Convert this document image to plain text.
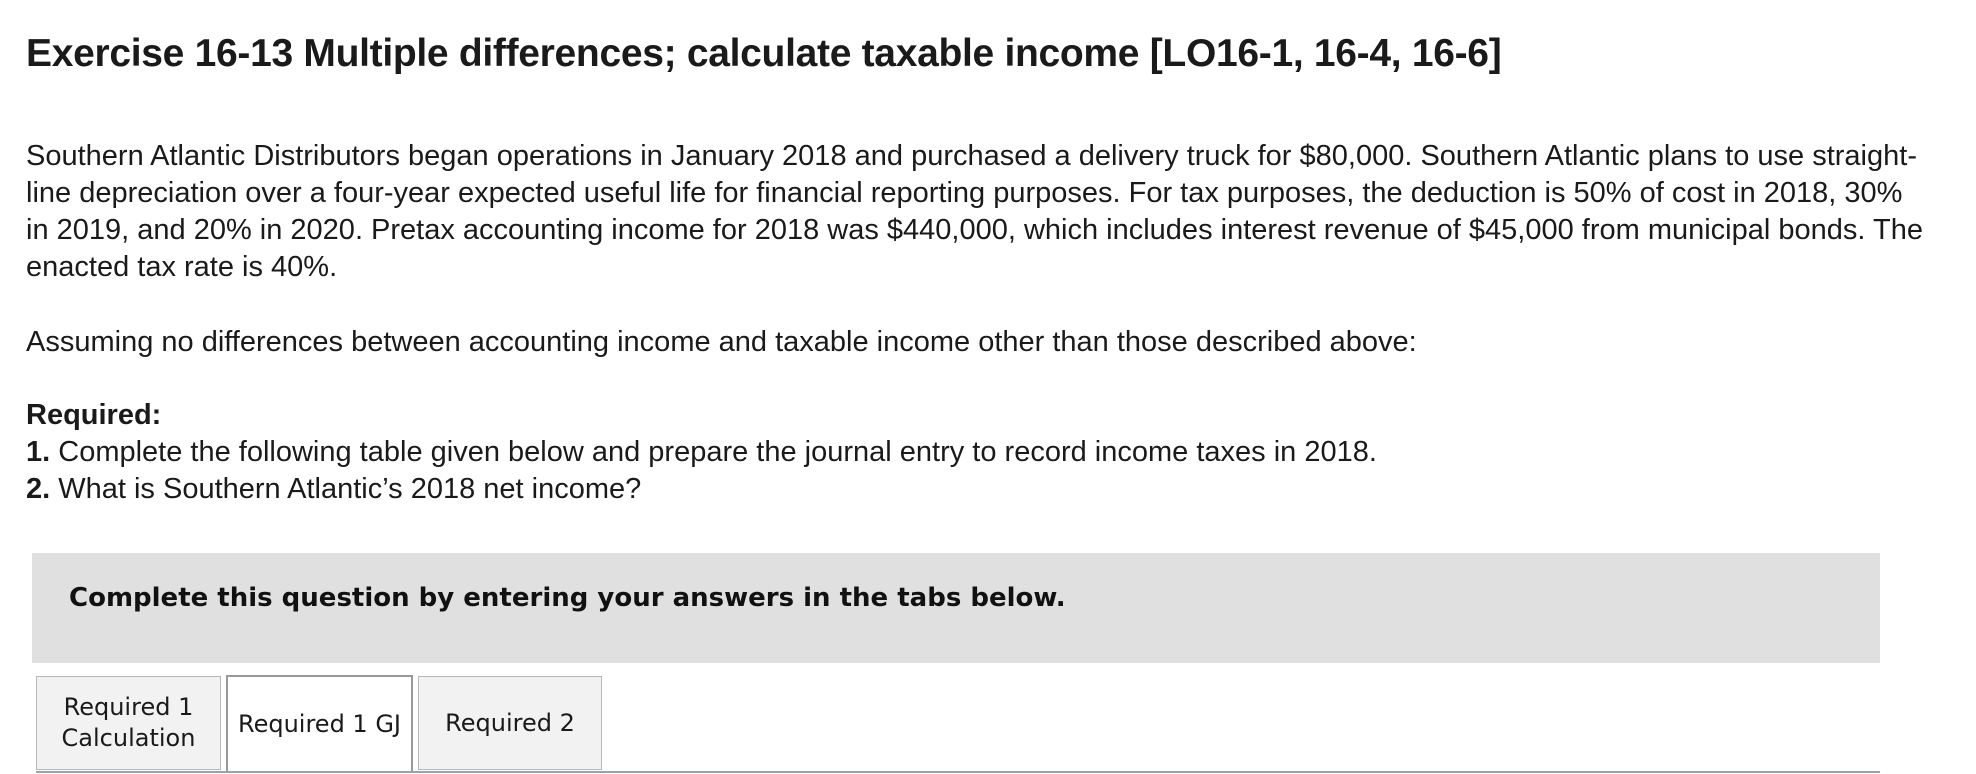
Exercise 16-13 Multiple differences; calculate taxable income [LO16-1, 16-4, 16-6]

Southern Atlantic Distributors began operations in January 2018 and purchased a delivery truck for $80,000. Southern Atlantic plans to use straight-line depreciation over a four-year expected useful life for financial reporting purposes. For tax purposes, the deduction is 50% of cost in 2018, 30% in 2019, and 20% in 2020. Pretax accounting income for 2018 was $440,000, which includes interest revenue of $45,000 from municipal bonds. The enacted tax rate is 40%.

Assuming no differences between accounting income and taxable income other than those described above:

Required:
1. Complete the following table given below and prepare the journal entry to record income taxes in 2018.
2. What is Southern Atlantic’s 2018 net income?
Complete this question by entering your answers in the tabs below.
Required 1
Calculation
Required 1 GJ Required 2
